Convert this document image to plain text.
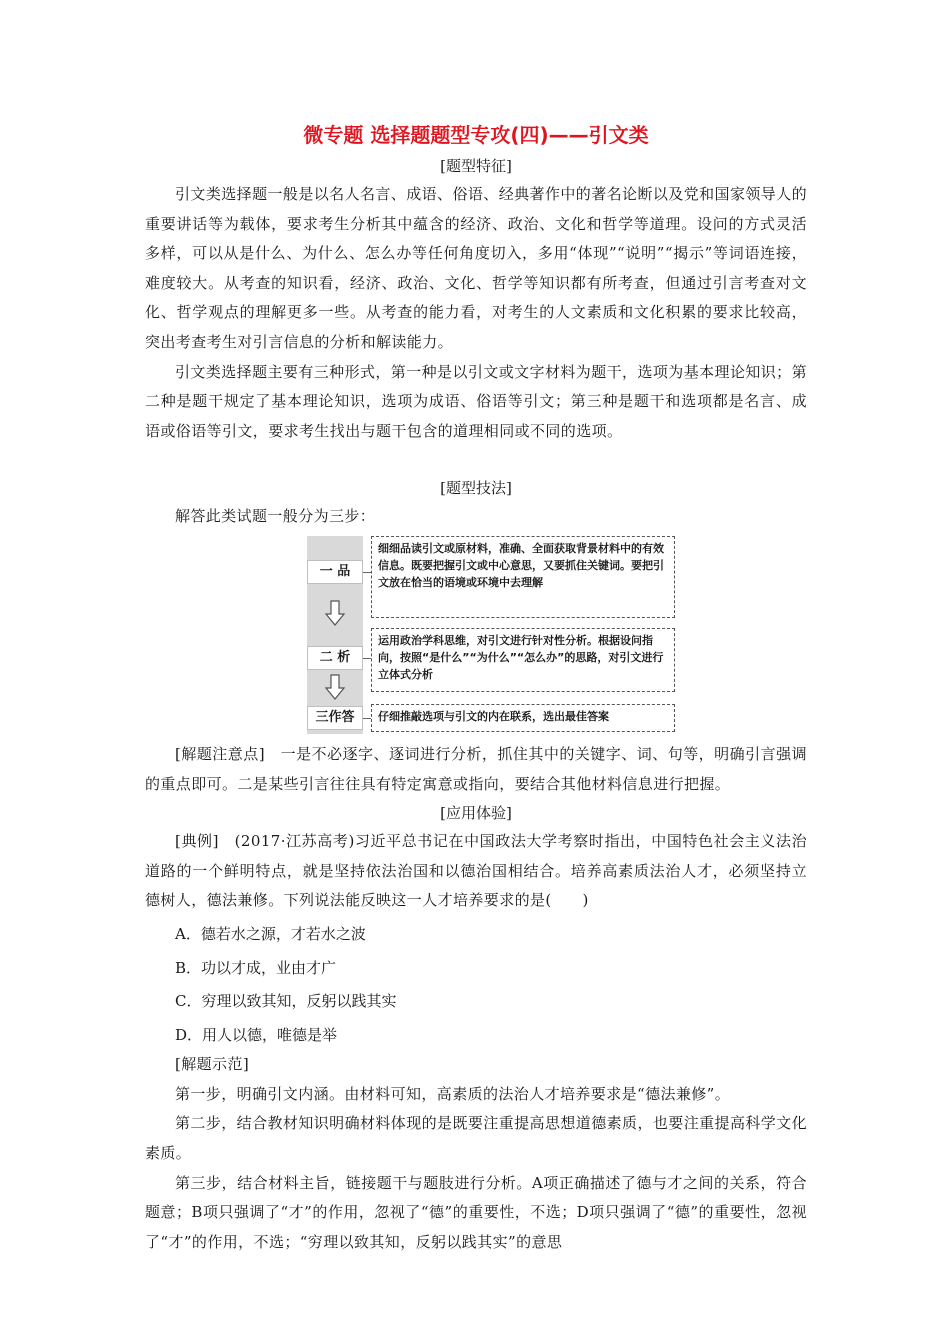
微专题 选择题题型专攻(四)——引文类
[题型特征]

引文类选择题一般是以名人名言、成语、俗语、经典著作中的著名论断以及党和国家领导人的重要讲话等为载体，要求考生分析其中蕴含的经济、政治、文化和哲学等道理。设问的方式灵活多样，可以从是什么、为什么、怎么办等任何角度切入，多用“体现”“说明”“揭示”等词语连接，难度较大。从考查的知识看，经济、政治、文化、哲学等知识都有所考查，但通过引言考查对文化、哲学观点的理解更多一些。从考查的能力看，对考生的人文素质和文化积累的要求比较高，突出考查考生对引言信息的分析和解读能力。

引文类选择题主要有三种形式，第一种是以引文或文字材料为题干，选项为基本理论知识；第二种是题干规定了基本理论知识，选项为成语、俗语等引文；第三种是题干和选项都是名言、成语或俗语等引文，要求考生找出与题干包含的道理相同或不同的选项。

[题型技法]

解答此类试题一般分为三步：

一 品
二 析
三作答
细细品读引文或原材料，准确、全面获取背景材料中的有效信息。既要把握引文或中心意思，又要抓住关键词。要把引文放在恰当的语境或环境中去理解
运用政治学科思维，对引文进行针对性分析。根据设问指向，按照“是什么”“为什么”“怎么办”的思路，对引文进行立体式分析
仔细推敲选项与引文的内在联系，选出最佳答案

[解题注意点]　一是不必逐字、逐词进行分析，抓住其中的关键字、词、句等，明确引言强调的重点即可。二是某些引言往往具有特定寓意或指向，要结合其他材料信息进行把握。

[应用体验]

[典例]　(2017·江苏高考)习近平总书记在中国政法大学考察时指出，中国特色社会主义法治道路的一个鲜明特点，就是坚持依法治国和以德治国相结合。培养高素质法治人才，必须坚持立德树人，德法兼修。下列说法能反映这一人才培养要求的是(　　)

A．德若水之源，才若水之波

B．功以才成，业由才广

C．穷理以致其知，反躬以践其实

D．用人以德，唯德是举

[解题示范]

第一步，明确引文内涵。由材料可知，高素质的法治人才培养要求是“德法兼修”。

第二步，结合教材知识明确材料体现的是既要注重提高思想道德素质，也要注重提高科学文化素质。

第三步，结合材料主旨，链接题干与题肢进行分析。A项正确描述了德与才之间的关系，符合题意；B项只强调了“才”的作用，忽视了“德”的重要性，不选；D项只强调了“德”的重要性，忽视了“才”的作用，不选；“穷理以致其知，反躬以践其实”的意思
